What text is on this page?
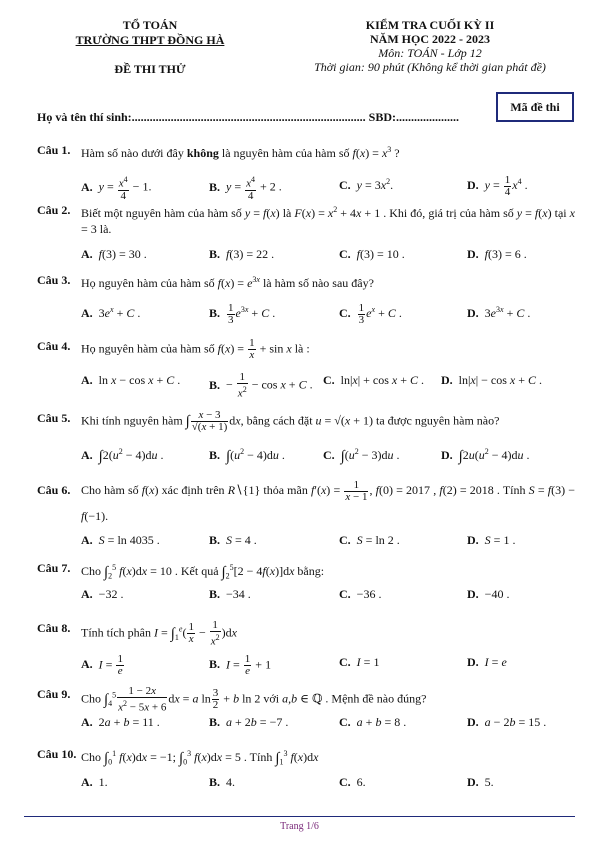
TỔ TOÁN
TRƯỜNG THPT ĐỒNG HÀ
ĐỀ THI THỬ
KIỂM TRA CUỐI KỲ II
NĂM HỌC 2022 - 2023
Môn: TOÁN - Lớp 12
Thời gian: 90 phút (Không kể thời gian phát đề)
Mã đề thi
Họ và tên thí sinh:.............................................................................. SBD:.....................
Câu 1. Hàm số nào dưới đây không là nguyên hàm của hàm số $f(x) = x^3$ ?
A. $y = \frac{x^4}{4} - 1$.	B. $y = \frac{x^4}{4} + 2$ .	C. $y = 3x^2$.	D. $y = \frac{1}{4} x^4$ .
Câu 2. Biết một nguyên hàm của hàm số y = f(x) là $F(x) = x^2 + 4x + 1$ . Khi đó, giá trị của hàm số y = f(x) tại x = 3 là.
A. f(3) = 30 .	B. f(3) = 22 .	C. f(3) = 10 .	D. f(3) = 6 .
Câu 3. Họ nguyên hàm của hàm số $f(x) = e^{3x}$ là hàm số nào sau đây?
A. $3e^x + C$ .	B. $\frac{1}{3} e^{3x} + C$ .	C. $\frac{1}{3} e^x + C$ .	D. $3e^{3x} + C$ .
Câu 4. Họ nguyên hàm của hàm số $f(x) = \frac{1}{x} + \sin x$ là :
A. ln x − cos x + C . B. − $\frac{1}{x^2} - \cos x + C$ . C. ln|x| + cos x + C . D. ln|x| − cos x + C .
Câu 5. Khi tính nguyên hàm ∫ $\frac{x - 3}{√(x + 1)}$ dx, bằng cách đặt u = √(x + 1) ta được nguyên hàm nào?
A. $\int 2(u^2 - 4)du$ .	B. $\int(u^2 - 4)du$ .	C. $\int(u^2 - 3)du$ .	D. $\int 2u(u^2 - 4)du$ .
Câu 6. Cho hàm số f(x) xác định trên R∖{1} thỏa mãn $f'(x) = \frac{1}{x - 1}$ , f(0) = 2017 , f(2) = 2018 . Tính S = f(3) − f(−1).
A. S = ln 4035 .	B. S = 4 .	C. S = ln 2 .	D. S = 1 .
Câu 7. Cho $\int_2^5$ f(x)dx = 10 . Kết quả $\int_2^5[2 - 4f(x)]dx$ bằng:
A. −32 .	B. −34 .	C. −36 .	D. −40 .
Câu 8. Tính tích phân $I = \int_1^e( \frac{1}{x} - \frac{1}{x^2} )dx$
A. $I = \frac{1}{e}$	B. $I = \frac{1}{e} + 1$	C. I = 1	D. I = e
Câu 9. Cho $\int_4^5 \frac{1 - 2x}{x^2 - 5x + 6}$ dx = a $\ln \frac{3}{2} + b$ ln 2 với a,b ∈ ℚ . Mệnh đề nào đúng?
A. 2a + b = 11 .	B. a + 2b = −7 .	C. a + b = 8 .	D. a − 2b = 15 .
Câu 10. Cho $\int_0^1$ f(x)dx = −1; $\int_0^3$ f(x)dx = 5 . Tính $\int_1^3$ f(x)dx
A. 1.	B. 4.	C. 6.	D. 5.
Trang 1/6
